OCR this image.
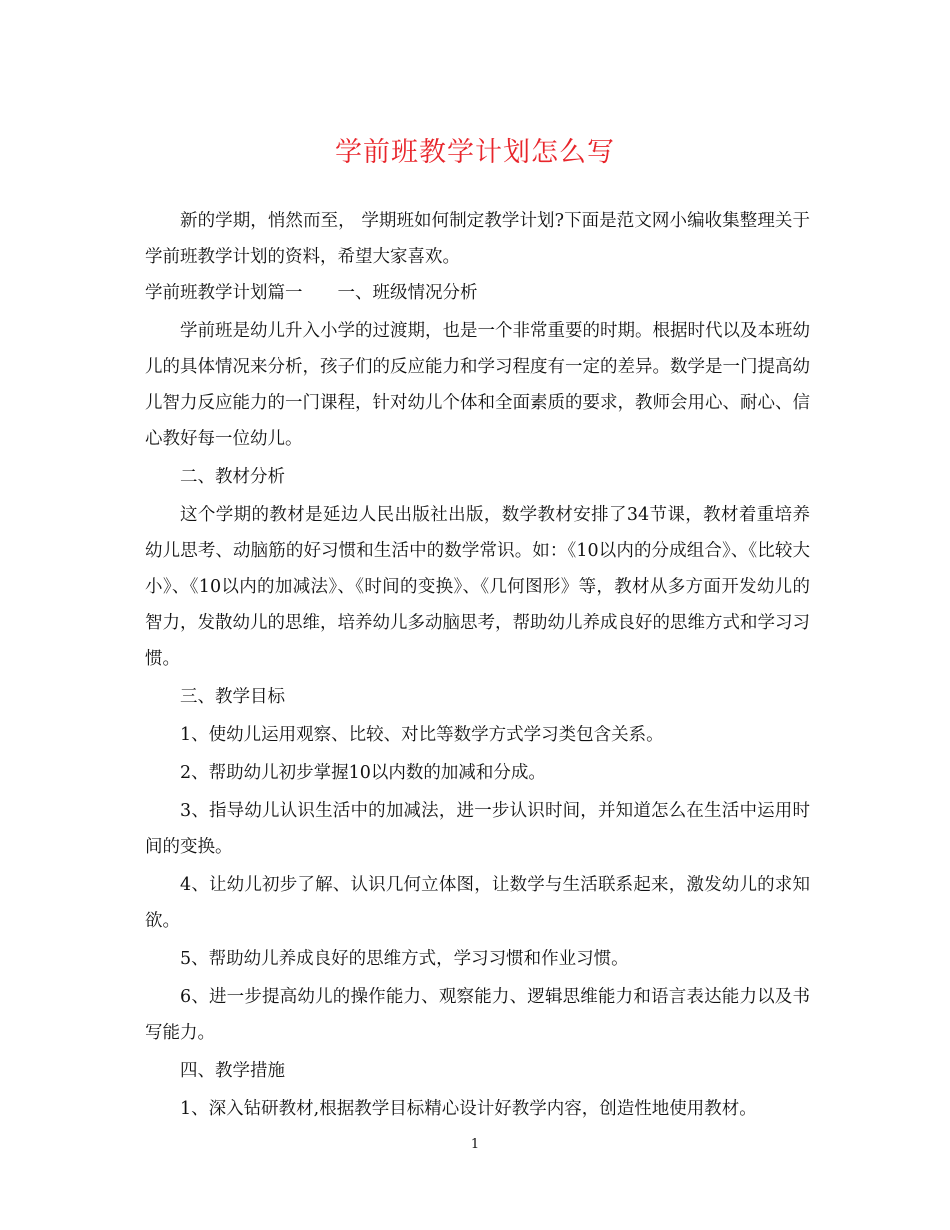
学前班教学计划怎么写

新的学期，悄然而至， 学期班如何制定教学计划?下面是范文网小编收集整理关于学前班教学计划的资料，希望大家喜欢。

学前班教学计划篇一　　一、班级情况分析

学前班是幼儿升入小学的过渡期，也是一个非常重要的时期。根据时代以及本班幼儿的具体情况来分析，孩子们的反应能力和学习程度有一定的差异。数学是一门提高幼儿智力反应能力的一门课程，针对幼儿个体和全面素质的要求，教师会用心、耐心、信心教好每一位幼儿。

二、教材分析

这个学期的教材是延边人民出版社出版，数学教材安排了34节课，教材着重培养幼儿思考、动脑筋的好习惯和生活中的数学常识。如：《10以内的分成组合》、《比较大小》、《10以内的加减法》、《时间的变换》、《几何图形》等，教材从多方面开发幼儿的智力，发散幼儿的思维，培养幼儿多动脑思考，帮助幼儿养成良好的思维方式和学习习惯。

三、教学目标

1、使幼儿运用观察、比较、对比等数学方式学习类包含关系。

2、帮助幼儿初步掌握10以内数的加减和分成。

3、指导幼儿认识生活中的加减法，进一步认识时间，并知道怎么在生活中运用时间的变换。

4、让幼儿初步了解、认识几何立体图，让数学与生活联系起来，激发幼儿的求知欲。

5、帮助幼儿养成良好的思维方式，学习习惯和作业习惯。

6、进一步提高幼儿的操作能力、观察能力、逻辑思维能力和语言表达能力以及书写能力。

四、教学措施

1、深入钻研教材,根据教学目标精心设计好教学内容，创造性地使用教材。

1
